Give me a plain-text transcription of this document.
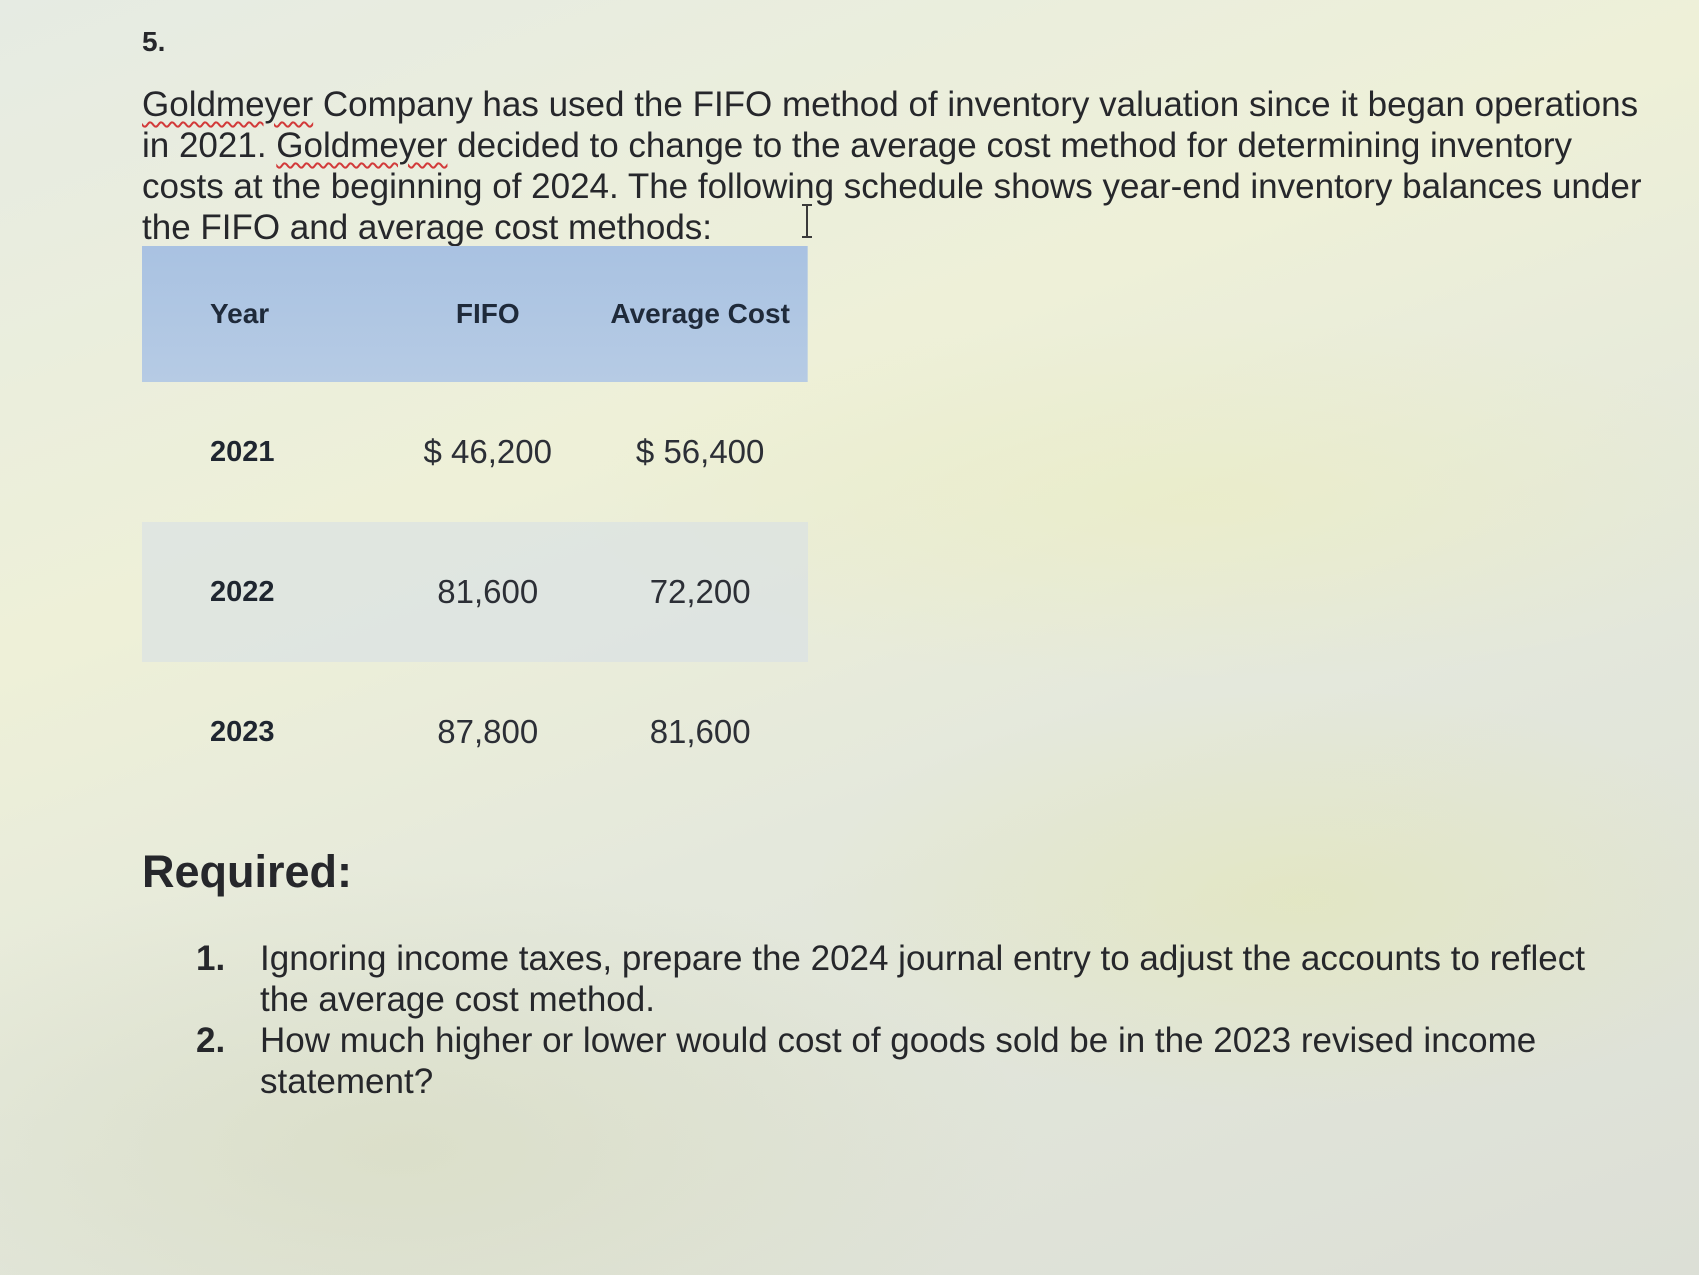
5.

Goldmeyer Company has used the FIFO method of inventory valuation since it began operations in 2021. Goldmeyer decided to change to the average cost method for determining inventory costs at the beginning of 2024. The following schedule shows year-end inventory balances under the FIFO and average cost methods:

Year	FIFO	Average Cost
2021	$ 46,200	$ 56,400
2022	81,600	72,200
2023	87,800	81,600
Required:
1. Ignoring income taxes, prepare the 2024 journal entry to adjust the accounts to reflect the average cost method.
2. How much higher or lower would cost of goods sold be in the 2023 revised income statement?
